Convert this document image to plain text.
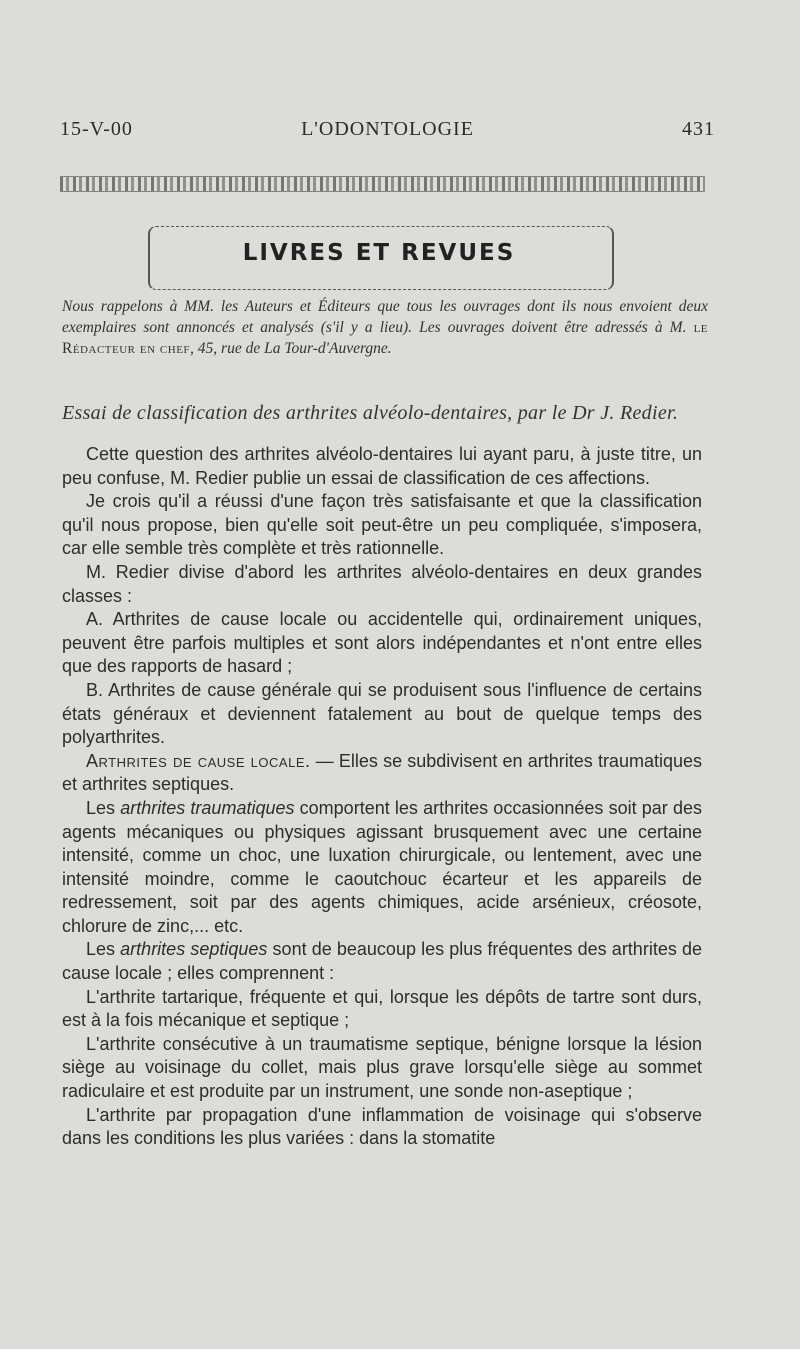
15-V-00	L'ODONTOLOGIE	431
LIVRES ET REVUES
Nous rappelons à MM. les Auteurs et Éditeurs que tous les ouvrages dont ils nous envoient deux exemplaires sont annoncés et analysés (s'il y a lieu). Les ouvrages doivent être adressés à M. le Rédacteur en chef, 45, rue de La Tour-d'Auvergne.
Essai de classification des arthrites alvéolo-dentaires, par le Dr J. Redier.

Cette question des arthrites alvéolo-dentaires lui ayant paru, à juste titre, un peu confuse, M. Redier publie un essai de classification de ces affections.

Je crois qu'il a réussi d'une façon très satisfaisante et que la classification qu'il nous propose, bien qu'elle soit peut-être un peu compliquée, s'imposera, car elle semble très complète et très rationnelle.

M. Redier divise d'abord les arthrites alvéolo-dentaires en deux grandes classes :

A. Arthrites de cause locale ou accidentelle qui, ordinairement uniques, peuvent être parfois multiples et sont alors indépendantes et n'ont entre elles que des rapports de hasard ;

B. Arthrites de cause générale qui se produisent sous l'influence de certains états généraux et deviennent fatalement au bout de quelque temps des polyarthrites.

Arthrites de cause locale. — Elles se subdivisent en arthrites traumatiques et arthrites septiques.

Les arthrites traumatiques comportent les arthrites occasionnées soit par des agents mécaniques ou physiques agissant brusquement avec une certaine intensité, comme un choc, une luxation chirurgicale, ou lentement, avec une intensité moindre, comme le caoutchouc écarteur et les appareils de redressement, soit par des agents chimiques, acide arsénieux, créosote, chlorure de zinc,... etc.

Les arthrites septiques sont de beaucoup les plus fréquentes des arthrites de cause locale ; elles comprennent :

L'arthrite tartarique, fréquente et qui, lorsque les dépôts de tartre sont durs, est à la fois mécanique et septique ;

L'arthrite consécutive à un traumatisme septique, bénigne lorsque la lésion siège au voisinage du collet, mais plus grave lorsqu'elle siège au sommet radiculaire et est produite par un instrument, une sonde non-aseptique ;

L'arthrite par propagation d'une inflammation de voisinage qui s'observe dans les conditions les plus variées : dans la stomatite
